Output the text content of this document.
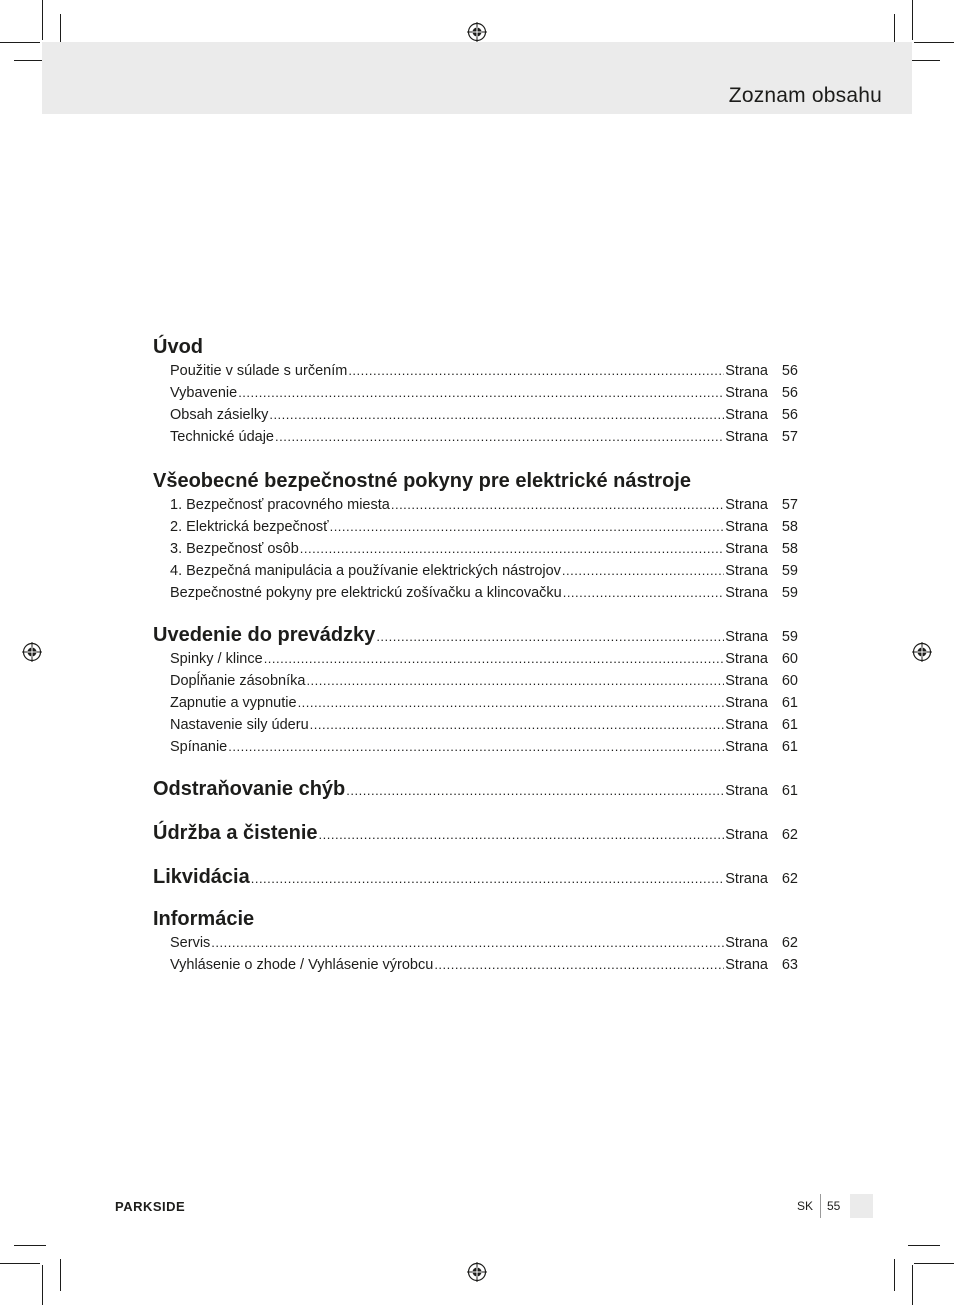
Zoznam obsahu
Úvod
Použitie v súlade s určením .....	Strana 56
Vybavenie .....	Strana 56
Obsah zásielky .....	Strana 56
Technické údaje .....	Strana 57
Všeobecné bezpečnostné pokyny pre elektrické nástroje
1. Bezpečnosť pracovného miesta .....	Strana 57
2. Elektrická bezpečnosť .....	Strana 58
3. Bezpečnosť osôb .....	Strana 58
4. Bezpečná manipulácia a používanie elektrických nástrojov .....	Strana 59
Bezpečnostné pokyny pre elektrickú zošívačku a klincovačku .....	Strana 59
Uvedenie do prevádzky .....	Strana 59
Spinky / klince .....	Strana 60
Dopĺňanie zásobníka .....	Strana 60
Zapnutie a vypnutie .....	Strana 61
Nastavenie sily úderu .....	Strana 61
Spínanie .....	Strana 61
Odstraňovanie chýb .....	Strana 61
Údržba a čistenie .....	Strana 62
Likvidácia .....	Strana 62
Informácie
Servis .....	Strana 62
Vyhlásenie o zhode / Vyhlásenie výrobcu .....	Strana 63
PARKSIDE	SK 55
